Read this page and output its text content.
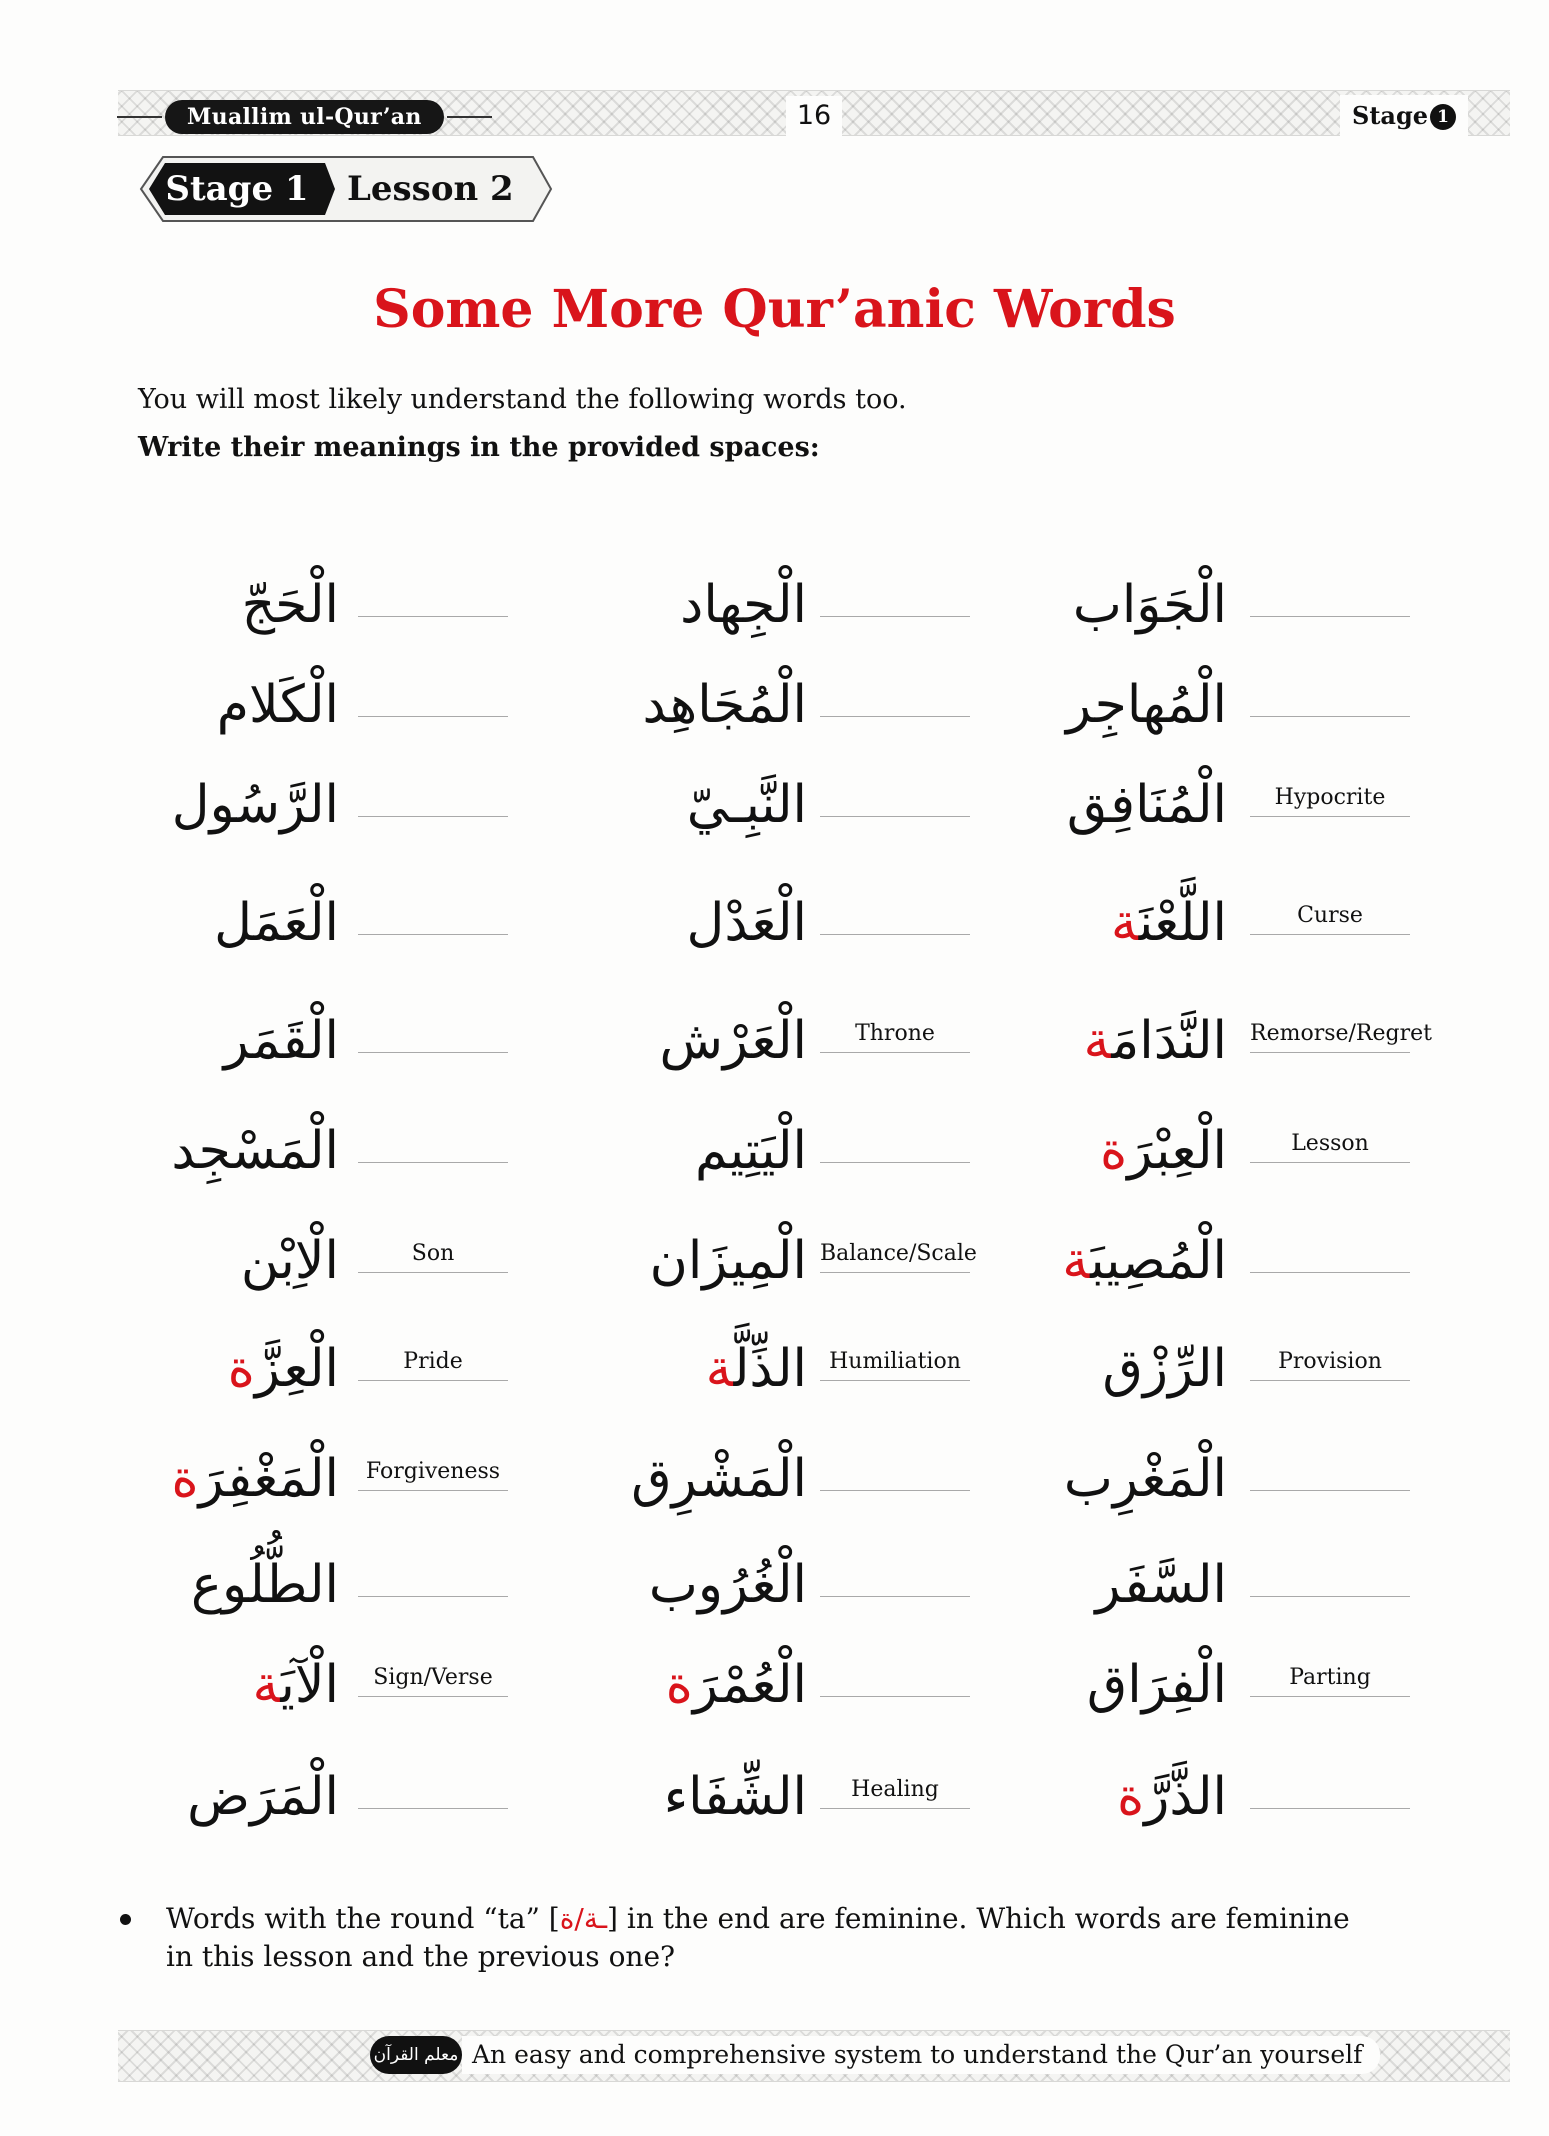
Muallim ul-Qur’an	16	Stage 1
Stage 1	Lesson 2
Some More Qur’anic Words
You will most likely understand the following words too.
Write their meanings in the provided spaces:
الْحَجّ	الْجِهاد	الْجَوَاب
الْكَلام	الْمُجَاهِد	الْمُهاجِر
الرَّسُول	النَّبِـيّ	الْمُنَافِق	Hypocrite
الْعَمَل	الْعَدْل	اللَّعْنَة	Curse
الْقَمَر	الْعَرْش	Throne	النَّدَامَة	Remorse/Regret
الْمَسْجِد	الْيَتِيم	الْعِبْرَة	Lesson
الْاِبْن	Son	الْمِيزَان Balance/Scale	الْمُصِيبَة
الْعِزَّة	Pride	الذِّلَّة	Humiliation	الرِّزْق	Provision
الْمَغْفِرَة	Forgiveness	الْمَشْرِق	الْمَغْرِب
الطُّلُوع	الْغُرُوب	السَّفَر
الْآيَة	Sign/Verse	الْعُمْرَة	الْفِرَاق	Parting
الْمَرَض	الشِّفَاء	Healing	الذَّرَّة
Words with the round “ta” [ـة/ة] in the end are feminine. Which words are feminine in this lesson and the previous one?
معلم القرآن An easy and comprehensive system to understand the Qur’an yourself
